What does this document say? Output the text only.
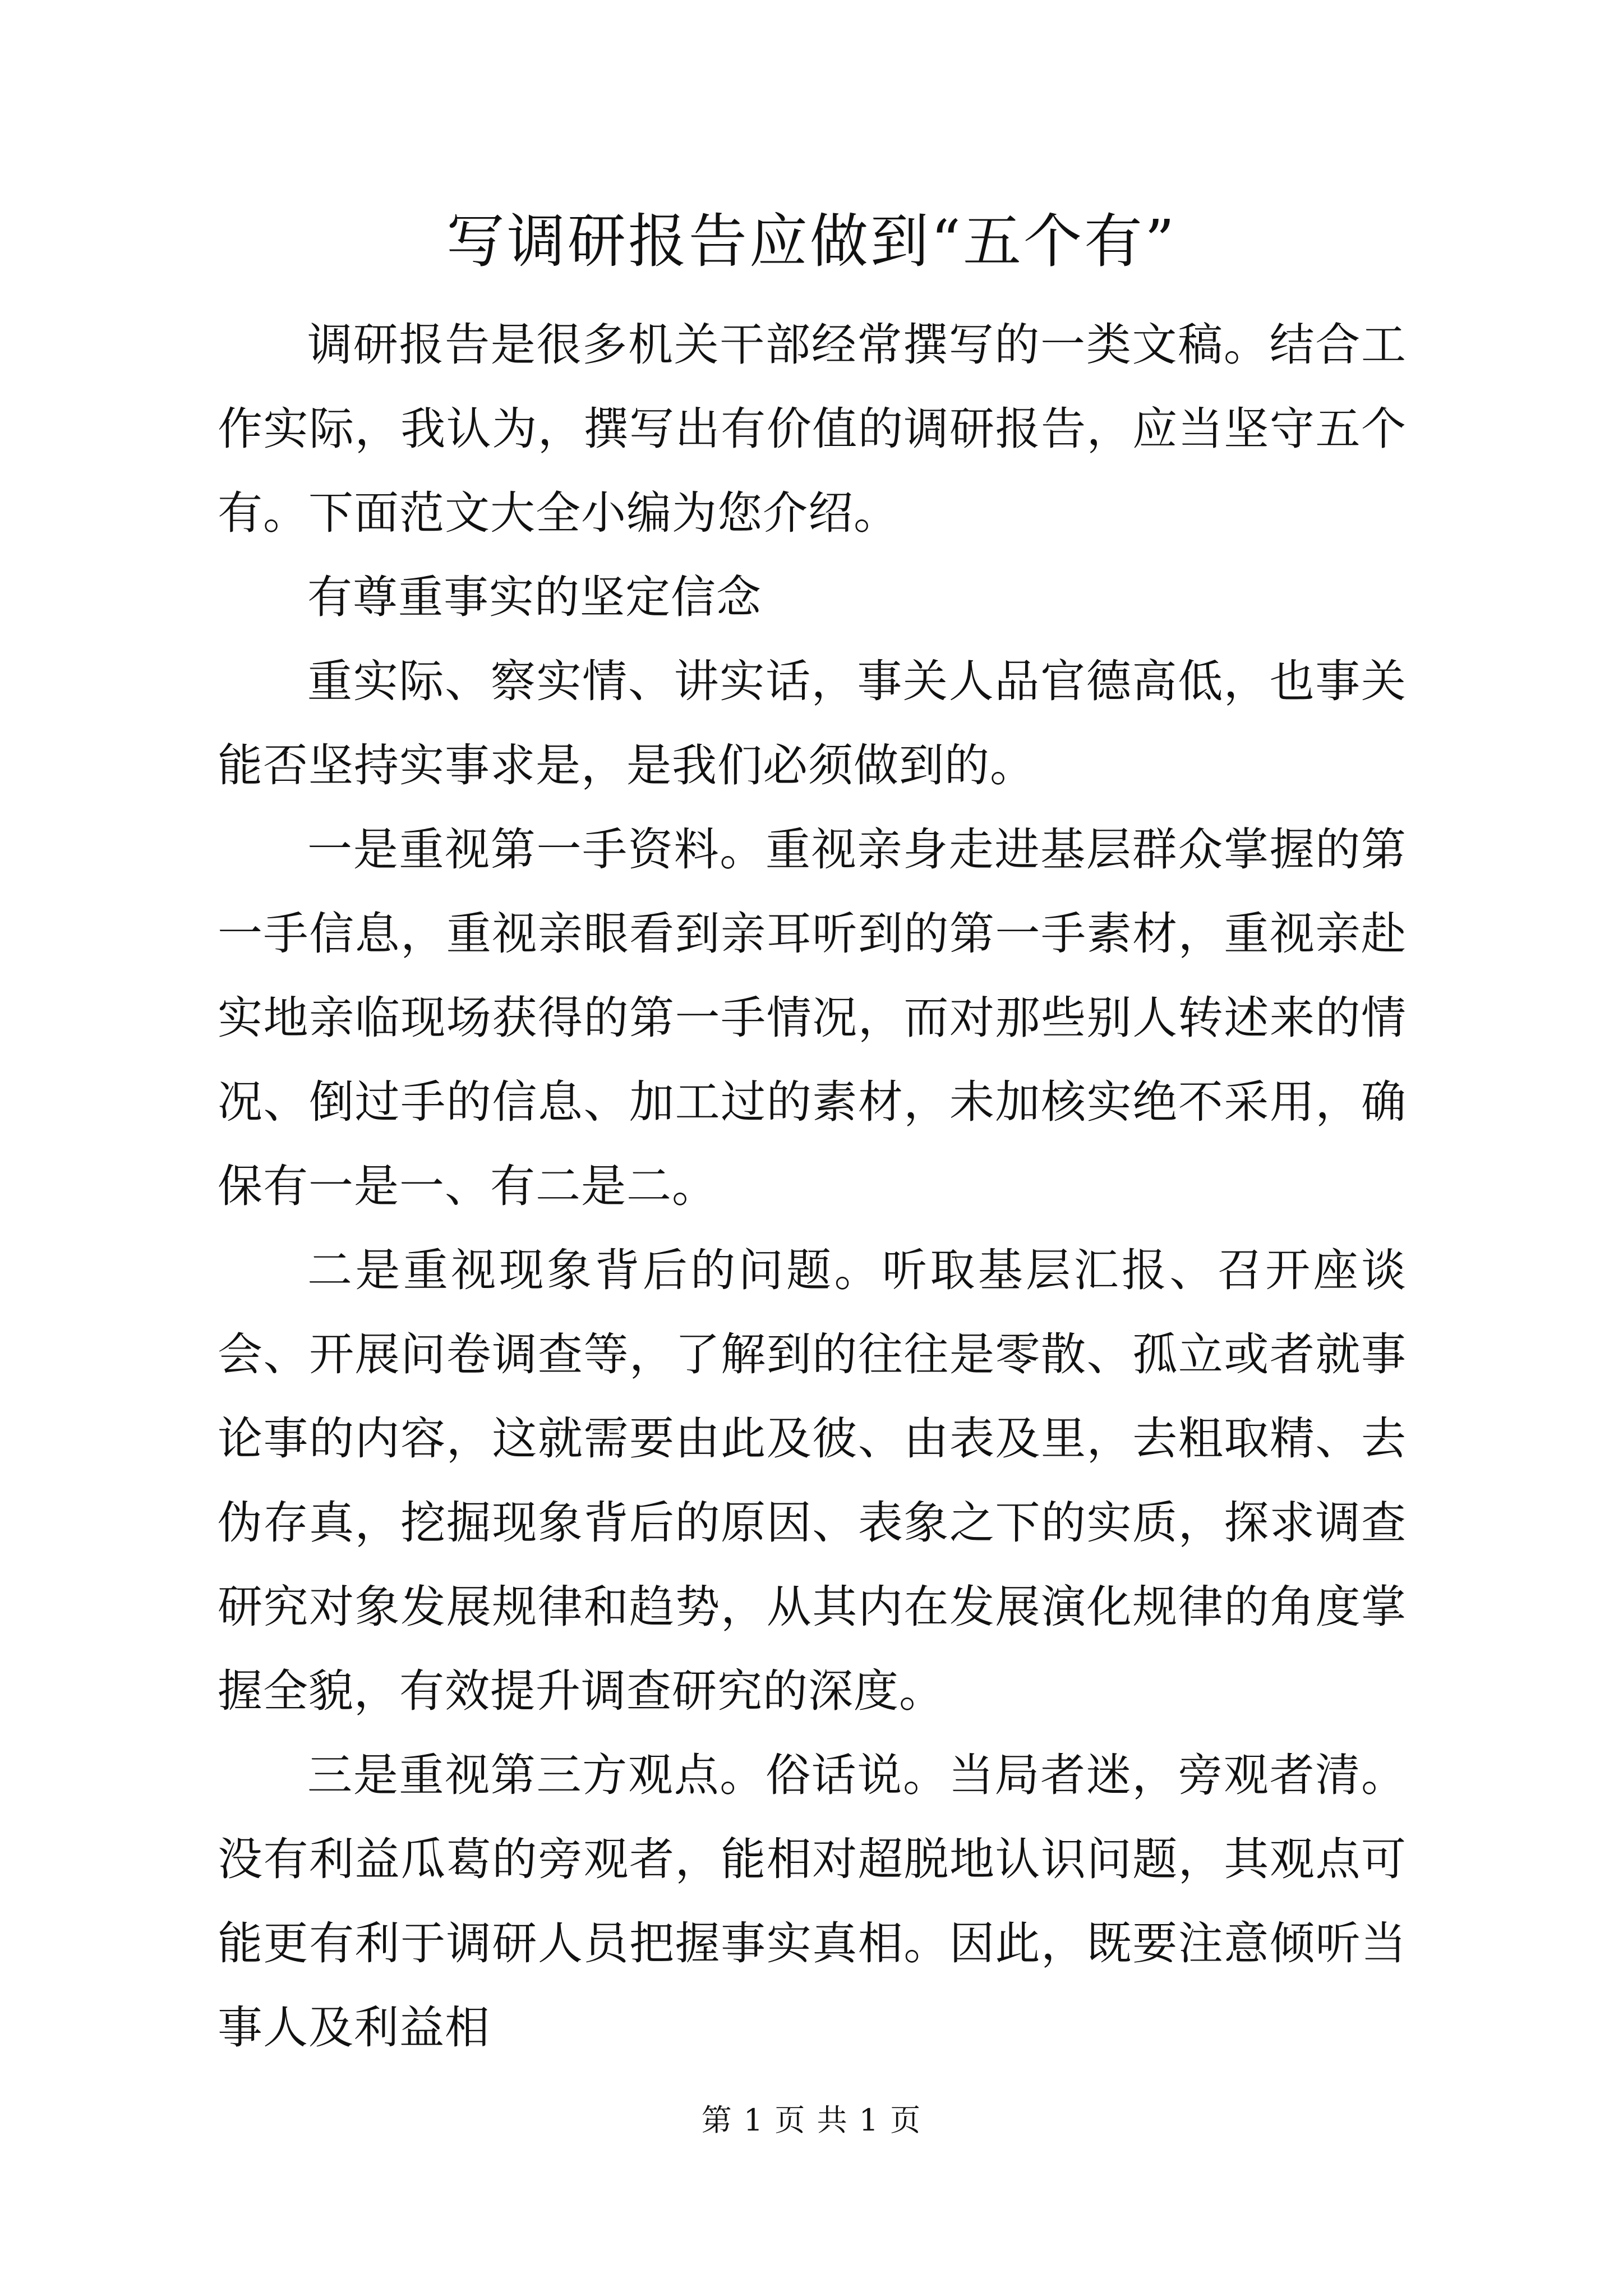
写调研报告应做到“五个有”

调研报告是很多机关干部经常撰写的一类文稿。结合工作实际，我认为，撰写出有价值的调研报告，应当坚守五个有。下面范文大全小编为您介绍。

有尊重事实的坚定信念

重实际、察实情、讲实话，事关人品官德高低，也事关能否坚持实事求是，是我们必须做到的。

一是重视第一手资料。重视亲身走进基层群众掌握的第一手信息，重视亲眼看到亲耳听到的第一手素材，重视亲赴实地亲临现场获得的第一手情况，而对那些别人转述来的情况、倒过手的信息、加工过的素材，未加核实绝不采用，确保有一是一、有二是二。

二是重视现象背后的问题。听取基层汇报、召开座谈会、开展问卷调查等，了解到的往往是零散、孤立或者就事论事的内容，这就需要由此及彼、由表及里，去粗取精、去伪存真，挖掘现象背后的原因、表象之下的实质，探求调查研究对象发展规律和趋势，从其内在发展演化规律的角度掌握全貌，有效提升调查研究的深度。

三是重视第三方观点。俗话说。当局者迷，旁观者清。没有利益瓜葛的旁观者，能相对超脱地认识问题，其观点可能更有利于调研人员把握事实真相。因此，既要注意倾听当事人及利益相

第 1 页 共 1 页
